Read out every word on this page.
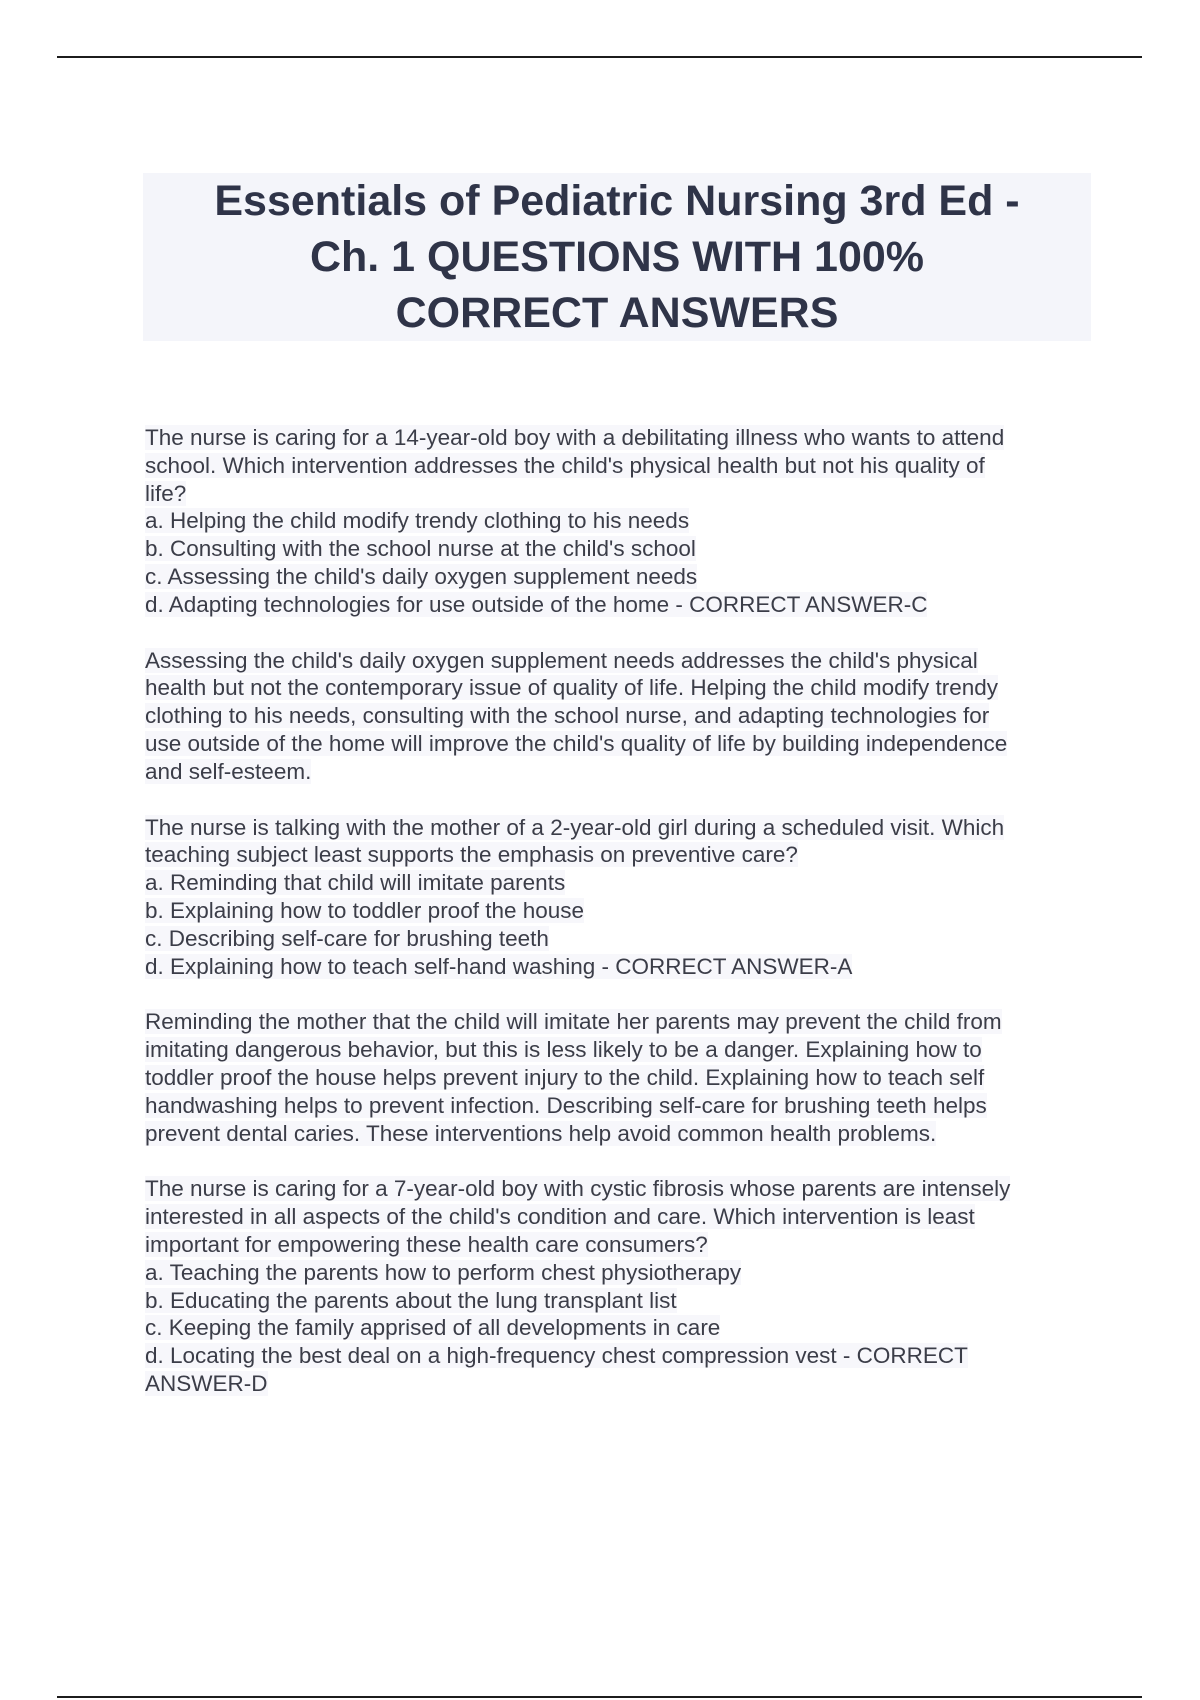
Essentials of Pediatric Nursing 3rd Ed -
Ch. 1 QUESTIONS WITH 100%
CORRECT ANSWERS
The nurse is caring for a 14-year-old boy with a debilitating illness who wants to attend
school. Which intervention addresses the child's physical health but not his quality of
life?
a. Helping the child modify trendy clothing to his needs
b. Consulting with the school nurse at the child's school
c. Assessing the child's daily oxygen supplement needs
d. Adapting technologies for use outside of the home - CORRECT ANSWER-C
Assessing the child's daily oxygen supplement needs addresses the child's physical
health but not the contemporary issue of quality of life. Helping the child modify trendy
clothing to his needs, consulting with the school nurse, and adapting technologies for
use outside of the home will improve the child's quality of life by building independence
and self-esteem.
The nurse is talking with the mother of a 2-year-old girl during a scheduled visit. Which
teaching subject least supports the emphasis on preventive care?
a. Reminding that child will imitate parents
b. Explaining how to toddler proof the house
c. Describing self-care for brushing teeth
d. Explaining how to teach self-hand washing - CORRECT ANSWER-A
Reminding the mother that the child will imitate her parents may prevent the child from
imitating dangerous behavior, but this is less likely to be a danger. Explaining how to
toddler proof the house helps prevent injury to the child. Explaining how to teach self
handwashing helps to prevent infection. Describing self-care for brushing teeth helps
prevent dental caries. These interventions help avoid common health problems.
The nurse is caring for a 7-year-old boy with cystic fibrosis whose parents are intensely
interested in all aspects of the child's condition and care. Which intervention is least
important for empowering these health care consumers?
a. Teaching the parents how to perform chest physiotherapy
b. Educating the parents about the lung transplant list
c. Keeping the family apprised of all developments in care
d. Locating the best deal on a high-frequency chest compression vest - CORRECT
ANSWER-D
